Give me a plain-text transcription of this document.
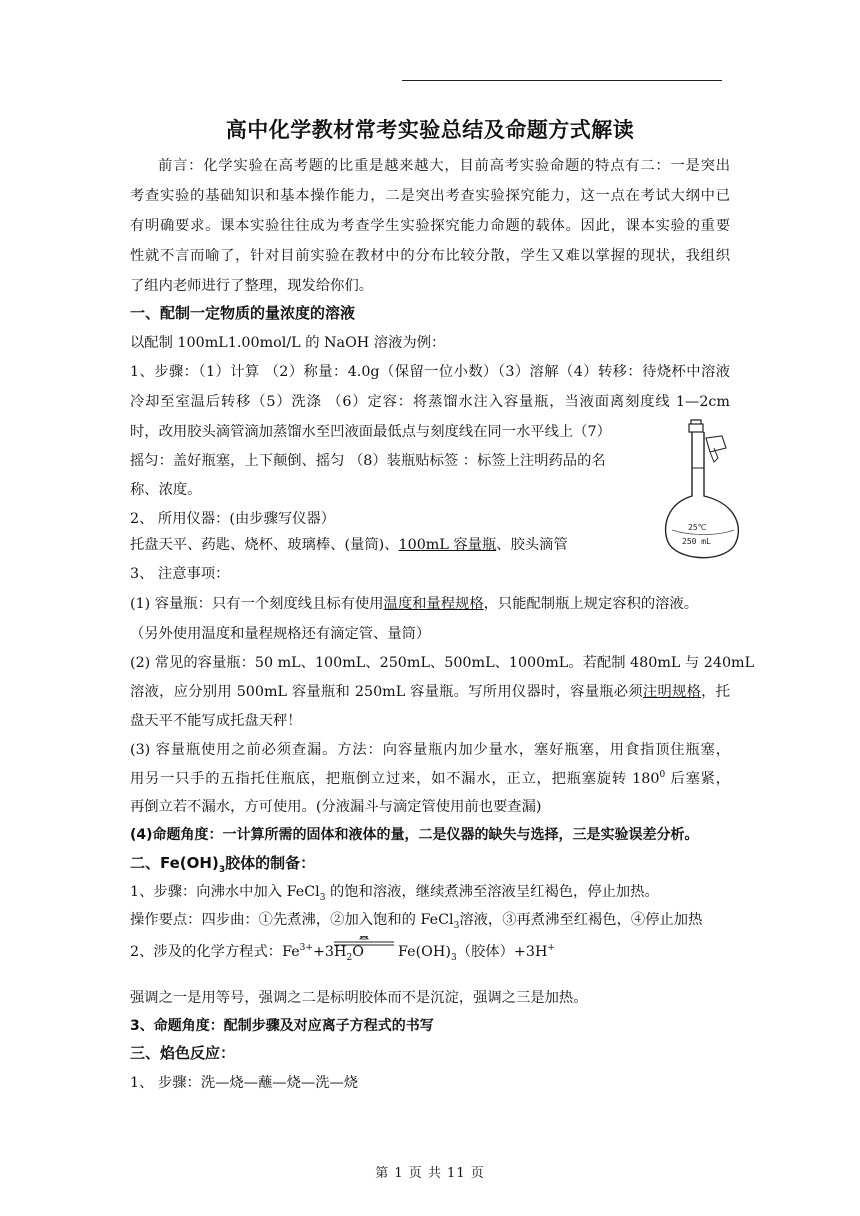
高中化学教材常考实验总结及命题方式解读
前言：化学实验在高考题的比重是越来越大，目前高考实验命题的特点有二：一是突出
考查实验的基础知识和基本操作能力，二是突出考查实验探究能力，这一点在考试大纲中已
有明确要求。课本实验往往成为考查学生实验探究能力命题的载体。因此，课本实验的重要
性就不言而喻了，针对目前实验在教材中的分布比较分散，学生又难以掌握的现状，我组织
了组内老师进行了整理，现发给你们。
一、配制一定物质的量浓度的溶液
以配制 100mL1.00mol/L 的 NaOH 溶液为例：
1、步骤：（1）计算 （2）称量：4.0g（保留一位小数）（3）溶解（4）转移：待烧杯中溶液
冷却至室温后转移（5）洗涤 （6）定容：将蒸馏水注入容量瓶，当液面离刻度线 1—2cm
时，改用胶头滴管滴加蒸馏水至凹液面最低点与刻度线在同一水平线上（7）
摇匀：盖好瓶塞，上下颠倒、摇匀 （8）装瓶贴标签 ：标签上注明药品的名
称、浓度。
25℃
250 mL
2、 所用仪器：(由步骤写仪器）
托盘天平、药匙、烧杯、玻璃棒、(量筒)、100mL 容量瓶、胶头滴管
3、 注意事项：
(1) 容量瓶：只有一个刻度线且标有使用温度和量程规格，只能配制瓶上规定容积的溶液。
（另外使用温度和量程规格还有滴定管、量筒）
(2) 常见的容量瓶：50 mL、100mL、250mL、500mL、1000mL。若配制 480mL 与 240mL
溶液，应分别用 500mL 容量瓶和 250mL 容量瓶。写所用仪器时，容量瓶必须注明规格，托
盘天平不能写成托盘天秤！
(3) 容量瓶使用之前必须查漏。方法：向容量瓶内加少量水，塞好瓶塞，用食指顶住瓶塞，
用另一只手的五指托住瓶底，把瓶倒立过来，如不漏水，正立，把瓶塞旋转 $180^0$ 后塞紧，
再倒立若不漏水，方可使用。(分液漏斗与滴定管使用前也要查漏)
(4)命题角度：一计算所需的固体和液体的量，二是仪器的缺失与选择，三是实验误差分析。
二、$Fe(OH)_3$胶体的制备：
1、步骤：向沸水中加入 FeCl$_3$ 的饱和溶液，继续煮沸至溶液呈红褐色，停止加热。
操作要点：四步曲：①先煮沸，②加入饱和的 FeCl$_3$溶液，③再煮沸至红褐色，④停止加热
2、涉及的化学方程式：$Fe^{3+}+3H_2O$ $Fe(OH)_3$（胶体）+3H+
强调之一是用等号，强调之二是标明胶体而不是沉淀，强调之三是加热。
3、命题角度：配制步骤及对应离子方程式的书写
三、焰色反应：
1、 步骤：洗—烧—蘸—烧—洗—烧
第 1 页 共 11 页
